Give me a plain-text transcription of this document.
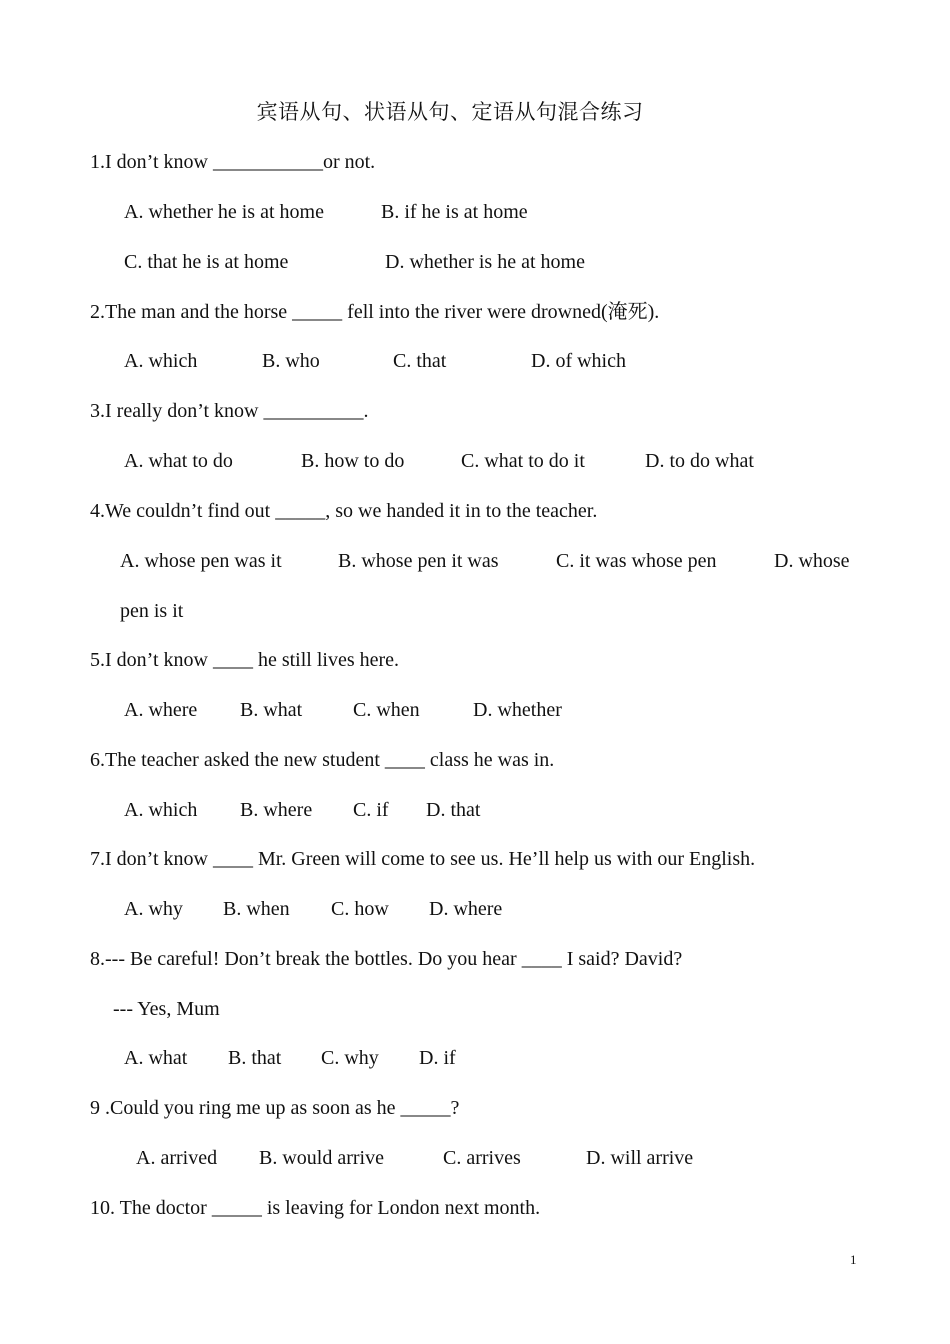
宾语从句、状语从句、定语从句混合练习
1.I don’t know ___________or not.
A. whether he is at home	B. if he is at home
C. that he is at home	D. whether is he at home
2.The man and the horse _____ fell into the river were drowned(淹死).
A. which	B. who	C. that	D. of which
3.I really don’t know __________.
A. what to do	B. how to do	C. what to do it	D. to do what
4.We couldn’t find out _____, so we handed it in to the teacher.
A. whose pen was it	B. whose pen it was	C. it was whose pen	D. whose
pen is it
5.I don’t know ____ he still lives here.
A. where B. what	C. when	D. whether
6.The teacher asked the new student ____ class he was in.
A. which B. where C. if D. that
7.I don’t know ____ Mr. Green will come to see us. He’ll help us with our English.
A. why B. when C. how D. where
8.--- Be careful! Don’t break the bottles. Do you hear ____ I said? David?
--- Yes, Mum
A. what B. that C. why D. if
9 .Could you ring me up as soon as he _____?
A. arrived B. would arrive	C. arrives	D. will arrive
10. The doctor _____ is leaving for London next month.
1
